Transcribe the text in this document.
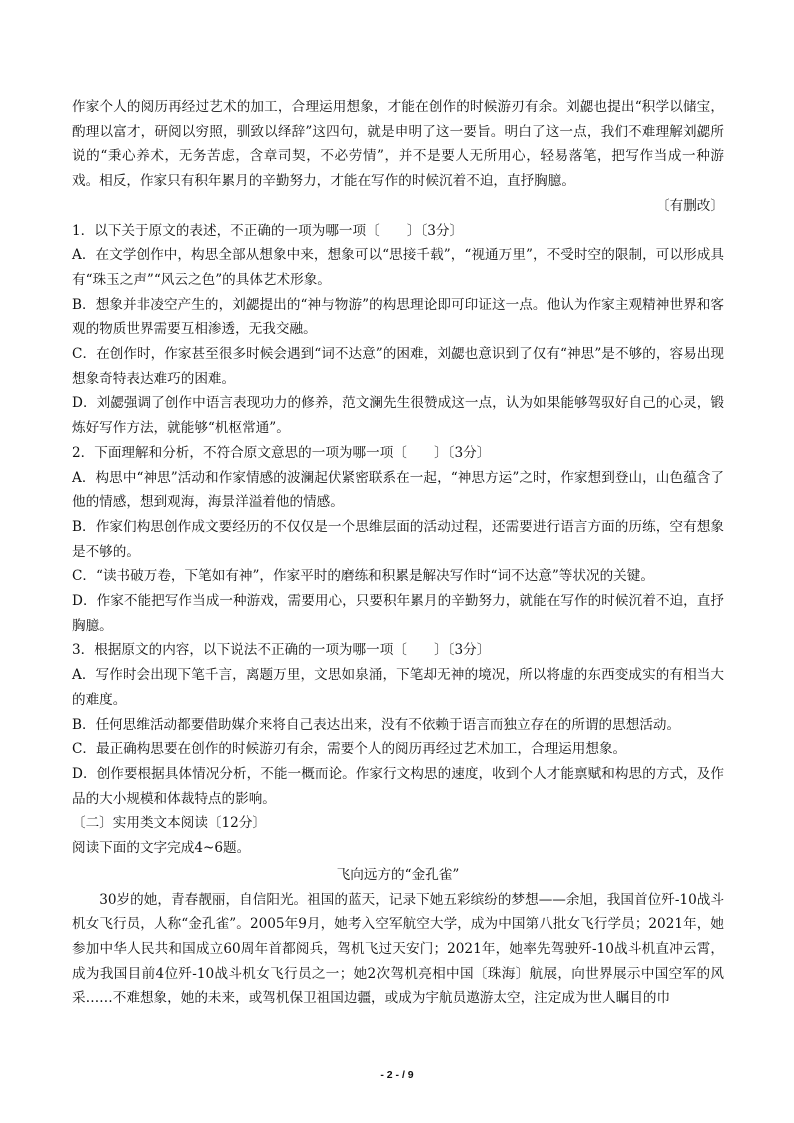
作家个人的阅历再经过艺术的加工，合理运用想象，才能在创作的时候游刃有余。刘勰也提出“积学以储宝，酌理以富才，研阅以穷照，驯致以绎辞”这四句，就是申明了这一要旨。明白了这一点，我们不难理解刘勰所说的“秉心养术，无务苦虑，含章司契，不必劳情”，并不是要人无所用心，轻易落笔，把写作当成一种游戏。相反，作家只有积年累月的辛勤努力，才能在写作的时候沉着不迫，直抒胸臆。

〔有删改〕

1．以下关于原文的表述，不正确的一项为哪一项〔　　〕〔3分〕

A．在文学创作中，构思全部从想象中来，想象可以“思接千载”，“视通万里”，不受时空的限制，可以形成具有“珠玉之声”“风云之色”的具体艺术形象。

B．想象并非凌空产生的，刘勰提出的“神与物游”的构思理论即可印证这一点。他认为作家主观精神世界和客观的物质世界需要互相渗透，无我交融。

C．在创作时，作家甚至很多时候会遇到“词不达意”的困难，刘勰也意识到了仅有“神思”是不够的，容易出现想象奇特表达难巧的困难。

D．刘勰强调了创作中语言表现功力的修养，范文澜先生很赞成这一点，认为如果能够驾驭好自己的心灵，锻炼好写作方法，就能够“机枢常通”。

2．下面理解和分析，不符合原文意思的一项为哪一项〔　　〕〔3分〕

A．构思中“神思”活动和作家情感的波澜起伏紧密联系在一起，“神思方运”之时，作家想到登山，山色蕴含了他的情感，想到观海，海景洋溢着他的情感。

B．作家们构思创作成文要经历的不仅仅是一个思维层面的活动过程，还需要进行语言方面的历练，空有想象是不够的。

C．“读书破万卷，下笔如有神”，作家平时的磨练和积累是解决写作时“词不达意”等状况的关键。

D．作家不能把写作当成一种游戏，需要用心，只要积年累月的辛勤努力，就能在写作的时候沉着不迫，直抒胸臆。

3．根据原文的内容，以下说法不正确的一项为哪一项〔　　〕〔3分〕

A．写作时会出现下笔千言，离题万里，文思如泉涌，下笔却无神的境况，所以将虚的东西变成实的有相当大的难度。

B．任何思维活动都要借助媒介来将自己表达出来，没有不依赖于语言而独立存在的所谓的思想活动。

C．最正确构思要在创作的时候游刃有余，需要个人的阅历再经过艺术加工，合理运用想象。

D．创作要根据具体情况分析，不能一概而论。作家行文构思的速度，收到个人才能禀赋和构思的方式，及作品的大小规模和体裁特点的影响。

〔二〕实用类文本阅读〔12分〕

阅读下面的文字完成4~6题。

飞向远方的“金孔雀”

30岁的她，青春靓丽，自信阳光。祖国的蓝天，记录下她五彩缤纷的梦想——余旭，我国首位歼-10战斗机女飞行员，人称“金孔雀”。2005年9月，她考入空军航空大学，成为中国第八批女飞行学员；2021年，她参加中华人民共和国成立60周年首都阅兵，驾机飞过天安门；2021年，她率先驾驶歼-10战斗机直冲云霄，成为我国目前4位歼-10战斗机女飞行员之一；她2次驾机亮相中国〔珠海〕航展，向世界展示中国空军的风采……不难想象，她的未来，或驾机保卫祖国边疆，或成为宇航员遨游太空，注定成为世人瞩目的巾

- 2 - / 9
